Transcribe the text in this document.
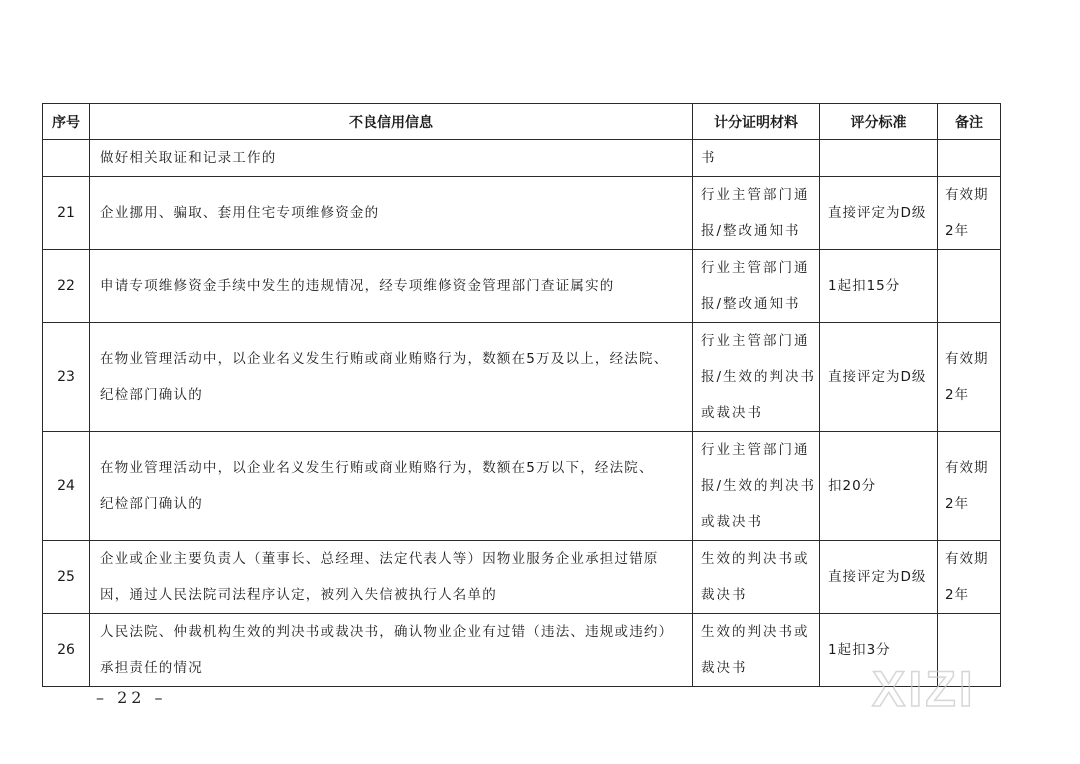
序号	不良信用信息	计分证明材料	评分标准	备注

	做好相关取证和记录工作的	书		

21	企业挪用、骗取、套用住宅专项维修资金的	行业主管部门通
报/整改通知书	直接评定为D级	有效期
2年

22	申请专项维修资金手续中发生的违规情况，经专项维修资金管理部门查证属实的	行业主管部门通
报/整改通知书	1起扣15分	

23	在物业管理活动中，以企业名义发生行贿或商业贿赂行为，数额在5万及以上，经法院、
纪检部门确认的	行业主管部门通
报/生效的判决书
或裁决书	直接评定为D级	有效期
2年

24	在物业管理活动中，以企业名义发生行贿或商业贿赂行为，数额在5万以下，经法院、
纪检部门确认的	行业主管部门通
报/生效的判决书
或裁决书	扣20分	有效期
2年

25	企业或企业主要负责人（董事长、总经理、法定代表人等）因物业服务企业承担过错原
因，通过人民法院司法程序认定，被列入失信被执行人名单的	生效的判决书或
裁决书	直接评定为D级	有效期
2年

26	人民法院、仲裁机构生效的判决书或裁决书，确认物业企业有过错（违法、违规或违约）
承担责任的情况	生效的判决书或
裁决书	1起扣3分	

– 22 –	XIZI
